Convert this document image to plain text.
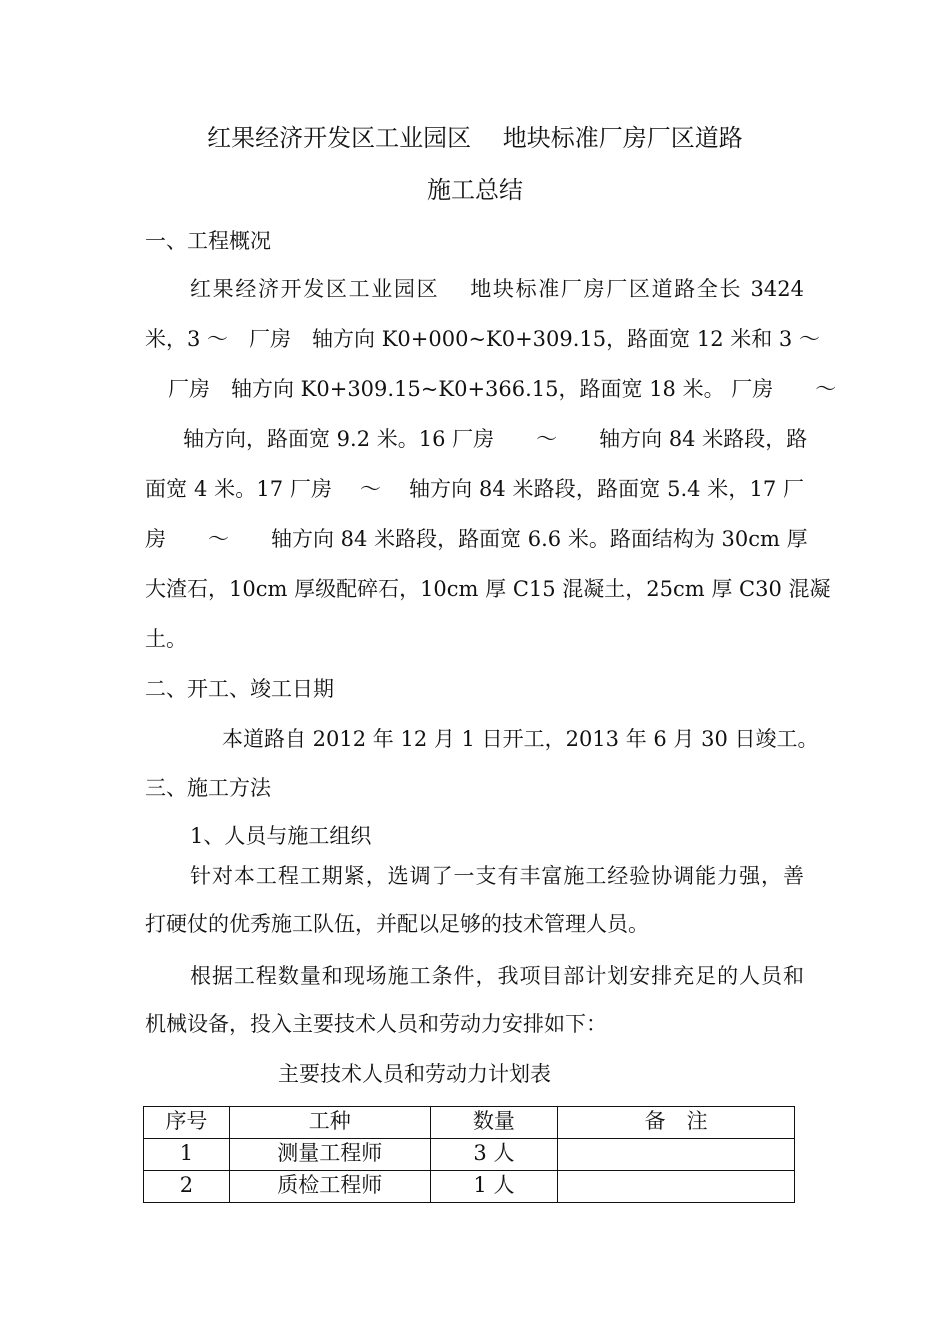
红果经济开发区工业园区　 地块标准厂房厂区道路
施工总结
一、工程概况
红果经济开发区工业园区　 地块标准厂房厂区道路全长 3424
米，3 ～　厂房　轴方向 K0+000~K0+309.15，路面宽 12 米和 3 ～
厂房　轴方向 K0+309.15~K0+366.15，路面宽 18 米。 厂房　　～
轴方向，路面宽 9.2 米。16 厂房　　～　　轴方向 84 米路段，路
面宽 4 米。17 厂房　 ～　 轴方向 84 米路段，路面宽 5.4 米，17 厂
房　　～　　轴方向 84 米路段，路面宽 6.6 米。路面结构为 30cm 厚
大渣石，10cm 厚级配碎石，10cm 厚 C15 混凝土，25cm 厚 C30 混凝
土。
二、开工、竣工日期
本道路自 2012 年 12 月 1 日开工，2013 年 6 月 30 日竣工。
三、施工方法
1、人员与施工组织
针对本工程工期紧，选调了一支有丰富施工经验协调能力强，善
打硬仗的优秀施工队伍，并配以足够的技术管理人员。
根据工程数量和现场施工条件，我项目部计划安排充足的人员和
机械设备，投入主要技术人员和劳动力安排如下：
主要技术人员和劳动力计划表
序号	工种	数量	备　注
1	测量工程师	3 人	
2	质检工程师	1 人	
